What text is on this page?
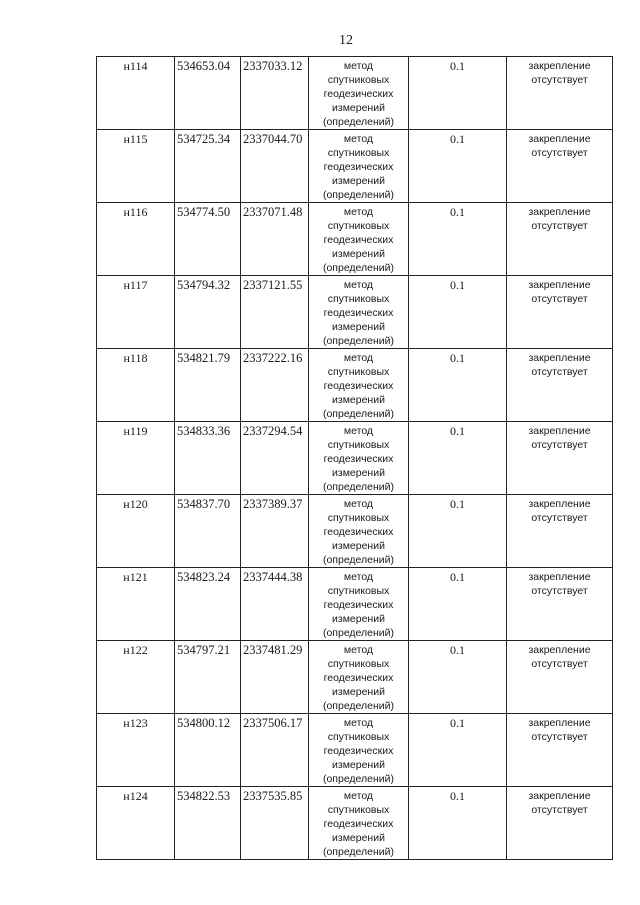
12
н114	534653.04	2337033.12	метод
спутниковых
геодезических
измерений
(определений)	0.1	закрепление
отсутствует

н115	534725.34	2337044.70	метод
спутниковых
геодезических
измерений
(определений)	0.1	закрепление
отсутствует

н116	534774.50	2337071.48	метод
спутниковых
геодезических
измерений
(определений)	0.1	закрепление
отсутствует

н117	534794.32	2337121.55	метод
спутниковых
геодезических
измерений
(определений)	0.1	закрепление
отсутствует

н118	534821.79	2337222.16	метод
спутниковых
геодезических
измерений
(определений)	0.1	закрепление
отсутствует

н119	534833.36	2337294.54	метод
спутниковых
геодезических
измерений
(определений)	0.1	закрепление
отсутствует

н120	534837.70	2337389.37	метод
спутниковых
геодезических
измерений
(определений)	0.1	закрепление
отсутствует

н121	534823.24	2337444.38	метод
спутниковых
геодезических
измерений
(определений)	0.1	закрепление
отсутствует

н122	534797.21	2337481.29	метод
спутниковых
геодезических
измерений
(определений)	0.1	закрепление
отсутствует

н123	534800.12	2337506.17	метод
спутниковых
геодезических
измерений
(определений)	0.1	закрепление
отсутствует

н124	534822.53	2337535.85	метод
спутниковых
геодезических
измерений
(определений)	0.1	закрепление
отсутствует
